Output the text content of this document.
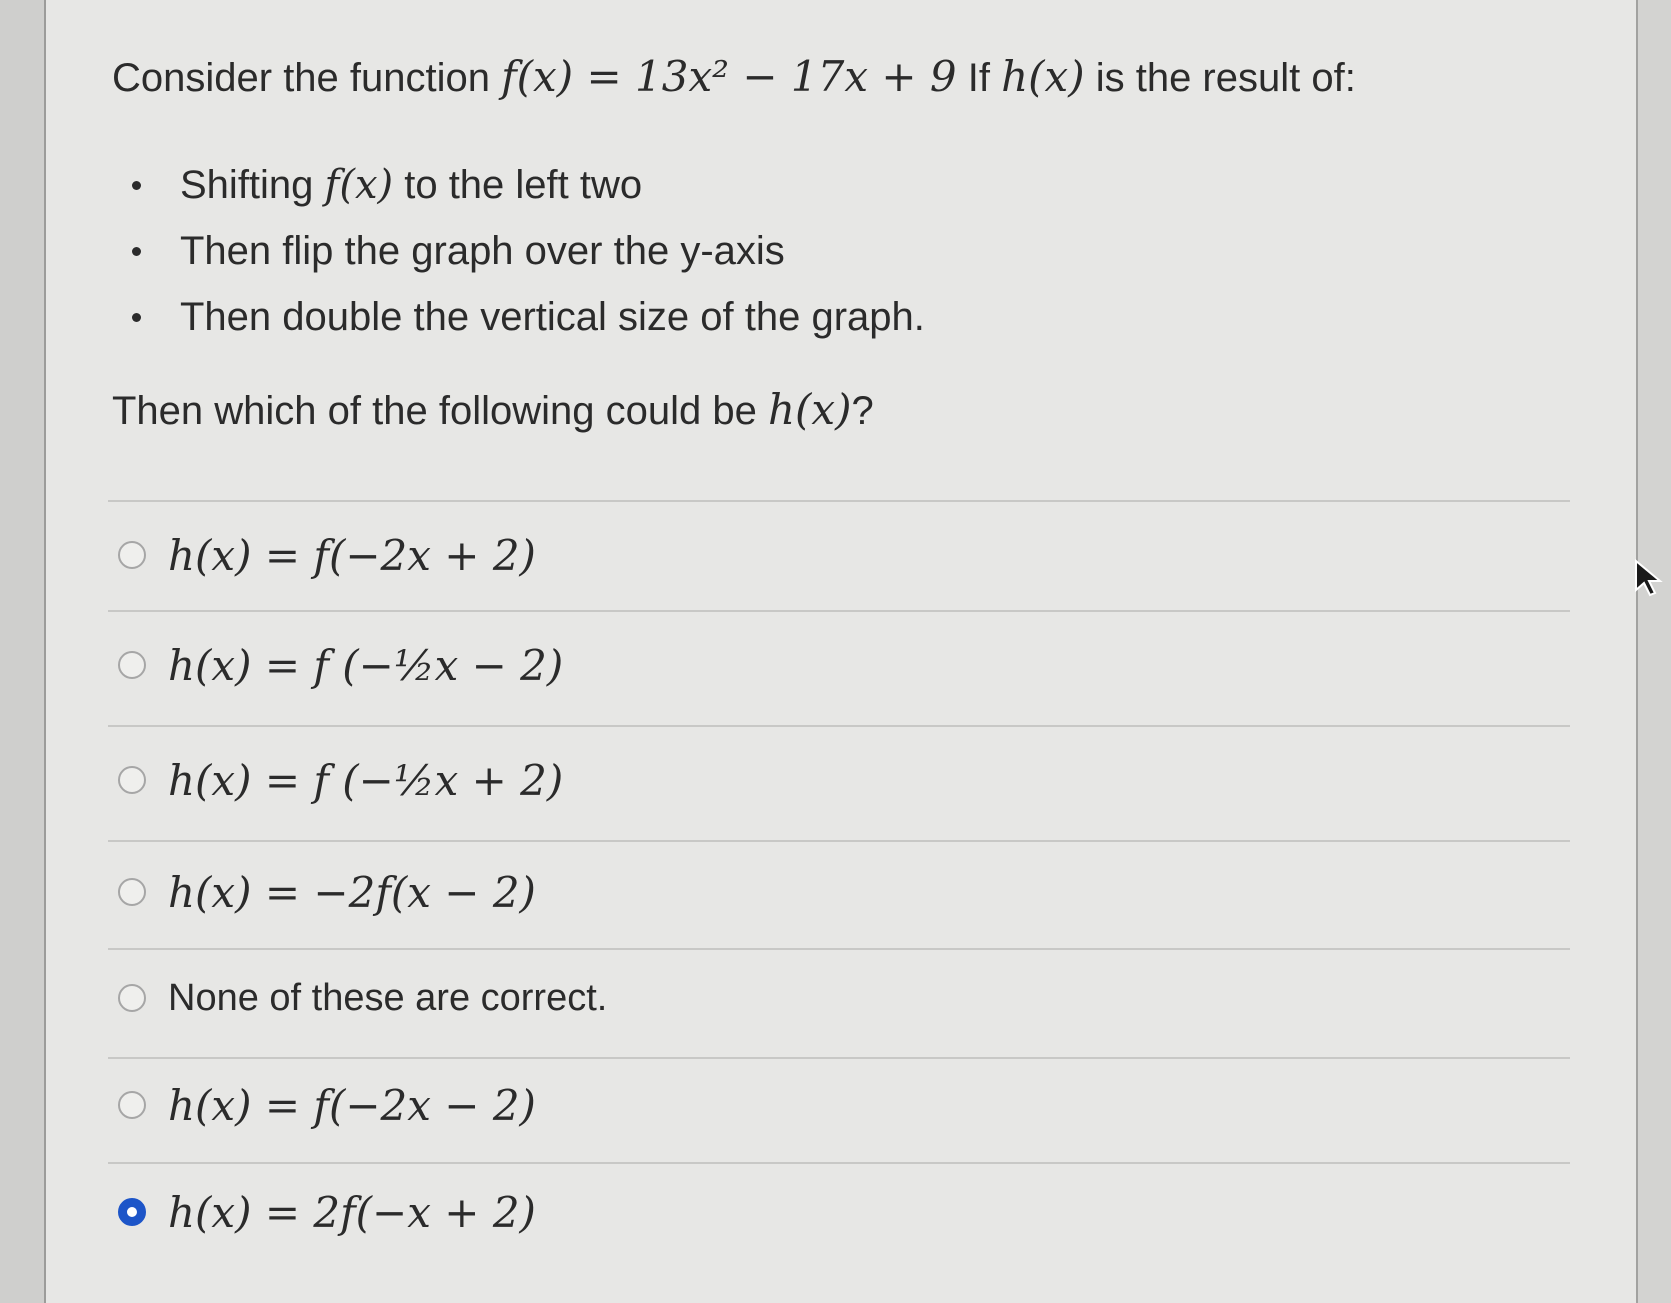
Consider the function f(x) = 13x² − 17x + 9 If h(x) is the result of:
Shifting f(x) to the left two
Then flip the graph over the y-axis
Then double the vertical size of the graph.
Then which of the following could be h(x)?
h(x) = f(−2x + 2)
h(x) = f (−½x − 2)
h(x) = f (−½x + 2)
h(x) = −2f(x − 2)
None of these are correct.
h(x) = f(−2x − 2)
h(x) = 2f(−x + 2)
